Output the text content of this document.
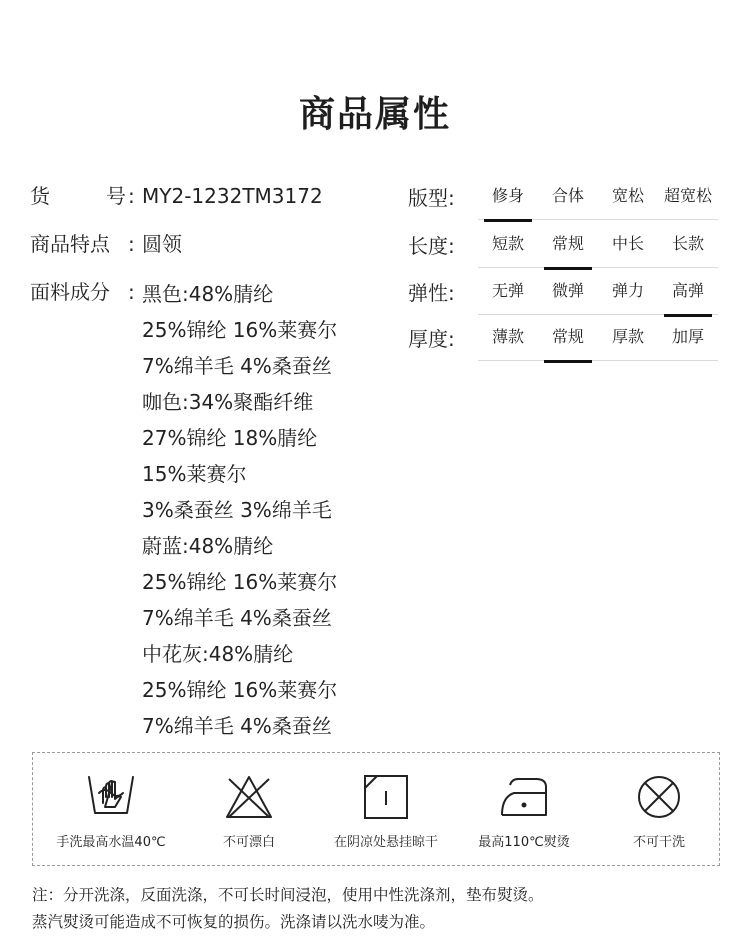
商品属性
货	号 : MY2-1232TM3172
商品特点 : 圆领
面料成分 : 黑色:48%腈纶
25%锦纶 16%莱赛尔
7%绵羊毛 4%桑蚕丝
咖色:34%聚酯纤维
27%锦纶 18%腈纶
15%莱赛尔
3%桑蚕丝 3%绵羊毛
蔚蓝:48%腈纶
25%锦纶 16%莱赛尔
7%绵羊毛 4%桑蚕丝
中花灰:48%腈纶
25%锦纶 16%莱赛尔
7%绵羊毛 4%桑蚕丝
版型:	修身	合体	宽松	超宽松
长度:	短款	常规	中长	长款
弹性:	无弹	微弹	弹力	高弹
厚度:	薄款	常规	厚款	加厚
手洗最高水温40℃	不可漂白	在阴凉处悬挂晾干	最高110℃熨烫	不可干洗
注：分开洗涤，反面洗涤，不可长时间浸泡，使用中性洗涤剂，垫布熨烫。
蒸汽熨烫可能造成不可恢复的损伤。洗涤请以洗水唛为准。
